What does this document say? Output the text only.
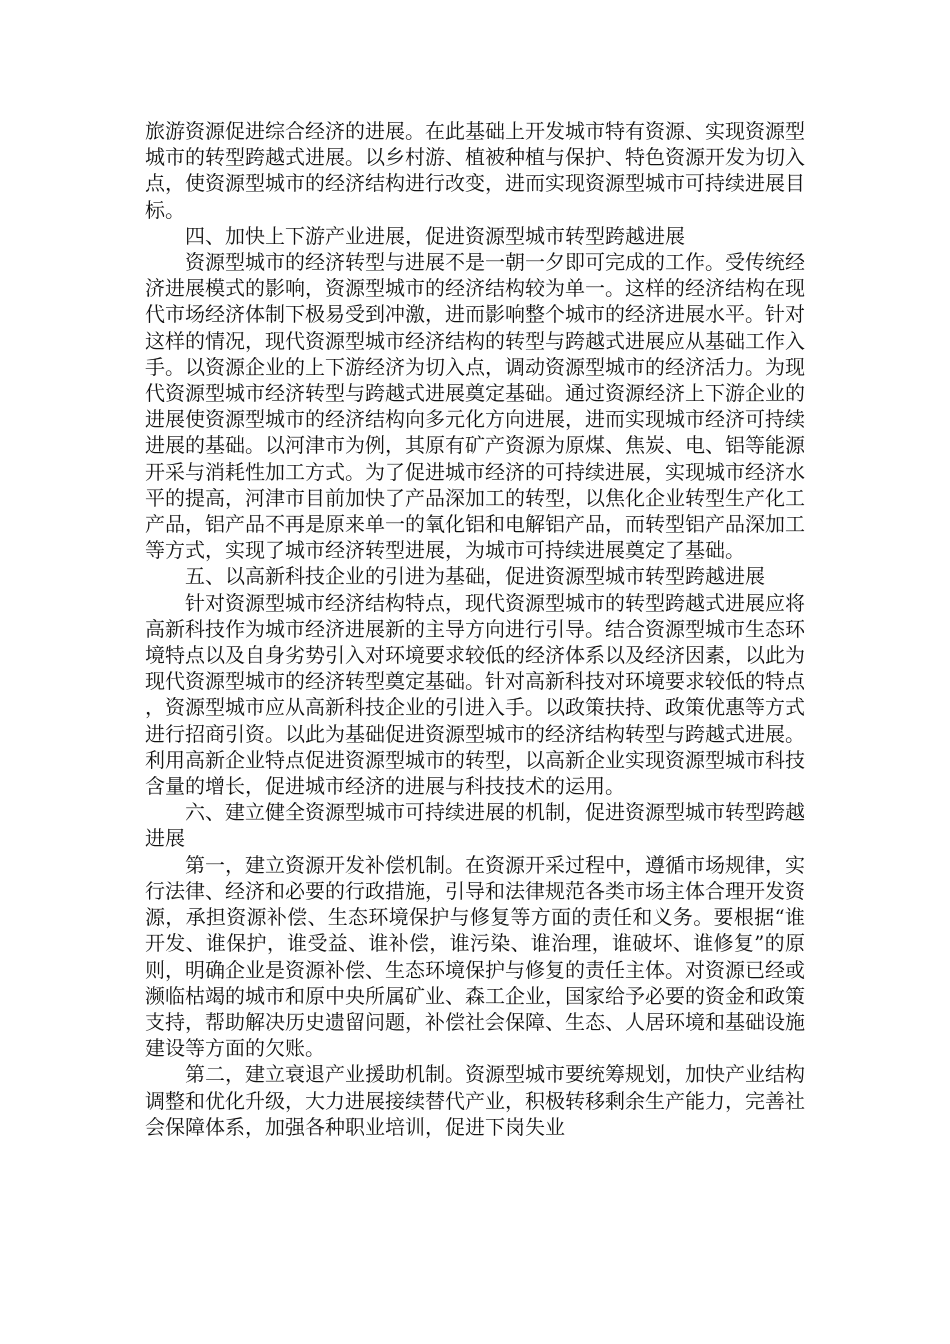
旅游资源促进综合经济的进展。在此基础上开发城市特有资源、实现资源型城市的转型跨越式进展。以乡村游、植被种植与保护、特色资源开发为切入点，使资源型城市的经济结构进行改变，进而实现资源型城市可持续进展目标。

四、加快上下游产业进展，促进资源型城市转型跨越进展

资源型城市的经济转型与进展不是一朝一夕即可完成的工作。受传统经济进展模式的影响，资源型城市的经济结构较为单一。这样的经济结构在现代市场经济体制下极易受到冲激，进而影响整个城市的经济进展水平。针对这样的情况，现代资源型城市经济结构的转型与跨越式进展应从基础工作入手。以资源企业的上下游经济为切入点，调动资源型城市的经济活力。为现代资源型城市经济转型与跨越式进展奠定基础。通过资源经济上下游企业的进展使资源型城市的经济结构向多元化方向进展，进而实现城市经济可持续进展的基础。以河津市为例，其原有矿产资源为原煤、焦炭、电、铝等能源开采与消耗性加工方式。为了促进城市经济的可持续进展，实现城市经济水平的提高，河津市目前加快了产品深加工的转型，以焦化企业转型生产化工产品，铝产品不再是原来单一的氧化铝和电解铝产品，而转型铝产品深加工等方式，实现了城市经济转型进展，为城市可持续进展奠定了基础。

五、以高新科技企业的引进为基础，促进资源型城市转型跨越进展

针对资源型城市经济结构特点，现代资源型城市的转型跨越式进展应将高新科技作为城市经济进展新的主导方向进行引导。结合资源型城市生态环境特点以及自身劣势引入对环境要求较低的经济体系以及经济因素，以此为现代资源型城市的经济转型奠定基础。针对高新科技对环境要求较低的特点，资源型城市应从高新科技企业的引进入手。以政策扶持、政策优惠等方式进行招商引资。以此为基础促进资源型城市的经济结构转型与跨越式进展。利用高新企业特点促进资源型城市的转型，以高新企业实现资源型城市科技含量的增长，促进城市经济的进展与科技技术的运用。

六、建立健全资源型城市可持续进展的机制，促进资源型城市转型跨越进展

第一，建立资源开发补偿机制。在资源开采过程中，遵循市场规律，实行法律、经济和必要的行政措施，引导和法律规范各类市场主体合理开发资源，承担资源补偿、生态环境保护与修复等方面的责任和义务。要根据“谁开发、谁保护，谁受益、谁补偿，谁污染、谁治理，谁破坏、谁修复”的原则，明确企业是资源补偿、生态环境保护与修复的责任主体。对资源已经或濒临枯竭的城市和原中央所属矿业、森工企业，国家给予必要的资金和政策支持，帮助解决历史遗留问题，补偿社会保障、生态、人居环境和基础设施建设等方面的欠账。

第二，建立衰退产业援助机制。资源型城市要统筹规划，加快产业结构调整和优化升级，大力进展接续替代产业，积极转移剩余生产能力，完善社会保障体系，加强各种职业培训，促进下岗失业
